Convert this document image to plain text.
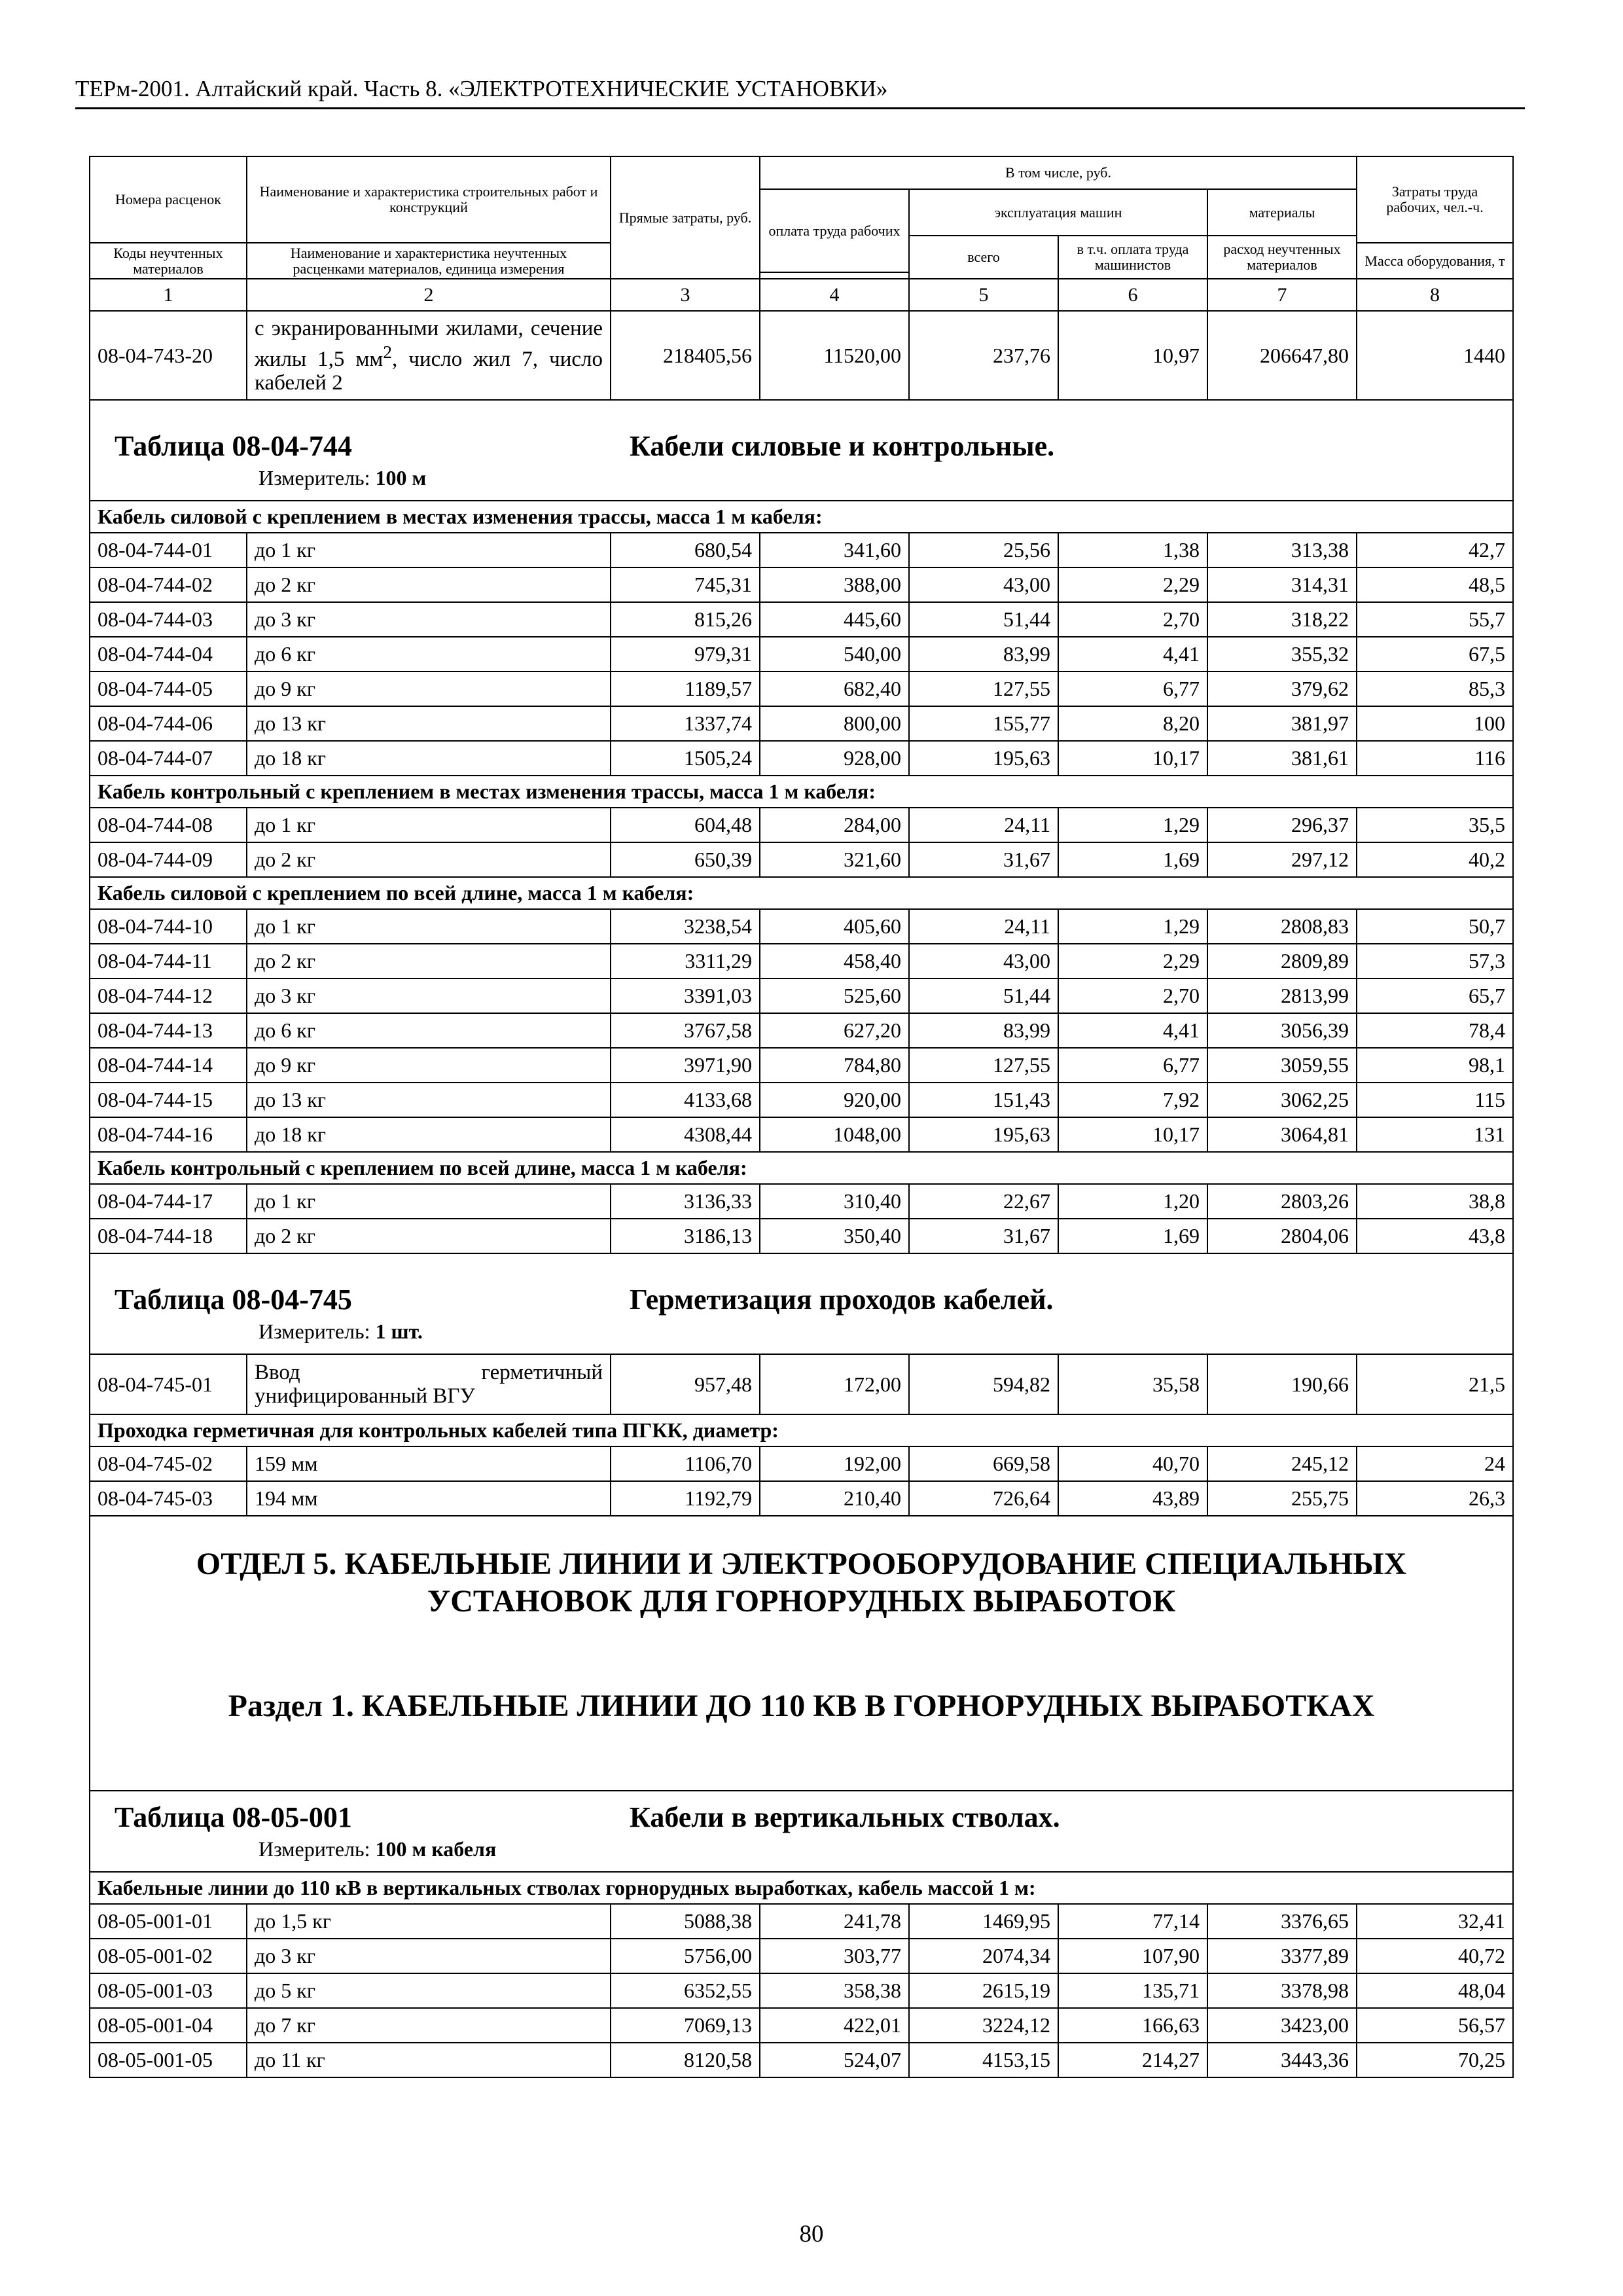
ТЕРм-2001. Алтайский край. Часть 8. «ЭЛЕКТРОТЕХНИЧЕСКИЕ УСТАНОВКИ»
Номера расценок	Наименование и характеристика строительных работ и конструкций	Прямые затраты, руб.	В том числе, руб.				Затраты труда рабочих, чел.-ч.
			оплата труда рабочих	эксплуатация машин		материалы	
				всего	в т.ч. оплата труда машинистов	расход неучтенных материалов	
Коды неучтенных материалов	Наименование и характеристика неучтенных расценками материалов, единица измерения						Масса оборудования, т

1	2	3	4	5	6	7	8
08-04-743-20	с экранированными жилами, сечение жилы 1,5 $мм^2$, число жил 7, число кабелей 2	218405,56	11520,00	237,76	10,97	206647,80	1440

Таблица 08-04-744 Кабели силовые и контрольные.
Измеритель: 100 м							

Кабель силовой с креплением в местах изменения трассы, масса 1 м кабеля:							
08-04-744-01	до 1 кг	680,54	341,60	25,56	1,38	313,38	42,7
08-04-744-02	до 2 кг	745,31	388,00	43,00	2,29	314,31	48,5
08-04-744-03	до 3 кг	815,26	445,60	51,44	2,70	318,22	55,7
08-04-744-04	до 6 кг	979,31	540,00	83,99	4,41	355,32	67,5
08-04-744-05	до 9 кг	1189,57	682,40	127,55	6,77	379,62	85,3
08-04-744-06	до 13 кг	1337,74	800,00	155,77	8,20	381,97	100
08-04-744-07	до 18 кг	1505,24	928,00	195,63	10,17	381,61	116
Кабель контрольный с креплением в местах изменения трассы, масса 1 м кабеля:							
08-04-744-08	до 1 кг	604,48	284,00	24,11	1,29	296,37	35,5
08-04-744-09	до 2 кг	650,39	321,60	31,67	1,69	297,12	40,2
Кабель силовой с креплением по всей длине, масса 1 м кабеля:							
08-04-744-10	до 1 кг	3238,54	405,60	24,11	1,29	2808,83	50,7
08-04-744-11	до 2 кг	3311,29	458,40	43,00	2,29	2809,89	57,3
08-04-744-12	до 3 кг	3391,03	525,60	51,44	2,70	2813,99	65,7
08-04-744-13	до 6 кг	3767,58	627,20	83,99	4,41	3056,39	78,4
08-04-744-14	до 9 кг	3971,90	784,80	127,55	6,77	3059,55	98,1
08-04-744-15	до 13 кг	4133,68	920,00	151,43	7,92	3062,25	115
08-04-744-16	до 18 кг	4308,44	1048,00	195,63	10,17	3064,81	131
Кабель контрольный с креплением по всей длине, масса 1 м кабеля:							
08-04-744-17	до 1 кг	3136,33	310,40	22,67	1,20	2803,26	38,8
08-04-744-18	до 2 кг	3186,13	350,40	31,67	1,69	2804,06	43,8

Таблица 08-04-745 Герметизация проходов кабелей.
Измеритель: 1 шт.							

08-04-745-01	Ввод герметичный унифицированный ВГУ	957,48	172,00	594,82	35,58	190,66	21,5
Проходка герметичная для контрольных кабелей типа ПГКК, диаметр:							
08-04-745-02	159 мм	1106,70	192,00	669,58	40,70	245,12	24
08-04-745-03	194 мм	1192,79	210,40	726,64	43,89	255,75	26,3

ОТДЕЛ 5. КАБЕЛЬНЫЕ ЛИНИИ И ЭЛЕКТРООБОРУДОВАНИЕ СПЕЦИАЛЬНЫХ
УСТАНОВОК ДЛЯ ГОРНОРУДНЫХ ВЫРАБОТОК
Раздел 1. КАБЕЛЬНЫЕ ЛИНИИ ДО 110 КВ В ГОРНОРУДНЫХ ВЫРАБОТКАХ							

Таблица 08-05-001 Кабели в вертикальных стволах.
Измеритель: 100 м кабеля							

Кабельные линии до 110 кВ в вертикальных стволах горнорудных выработках, кабель массой 1 м:							
08-05-001-01	до 1,5 кг	5088,38	241,78	1469,95	77,14	3376,65	32,41
08-05-001-02	до 3 кг	5756,00	303,77	2074,34	107,90	3377,89	40,72
08-05-001-03	до 5 кг	6352,55	358,38	2615,19	135,71	3378,98	48,04
08-05-001-04	до 7 кг	7069,13	422,01	3224,12	166,63	3423,00	56,57
08-05-001-05	до 11 кг	8120,58	524,07	4153,15	214,27	3443,36	70,25
80
